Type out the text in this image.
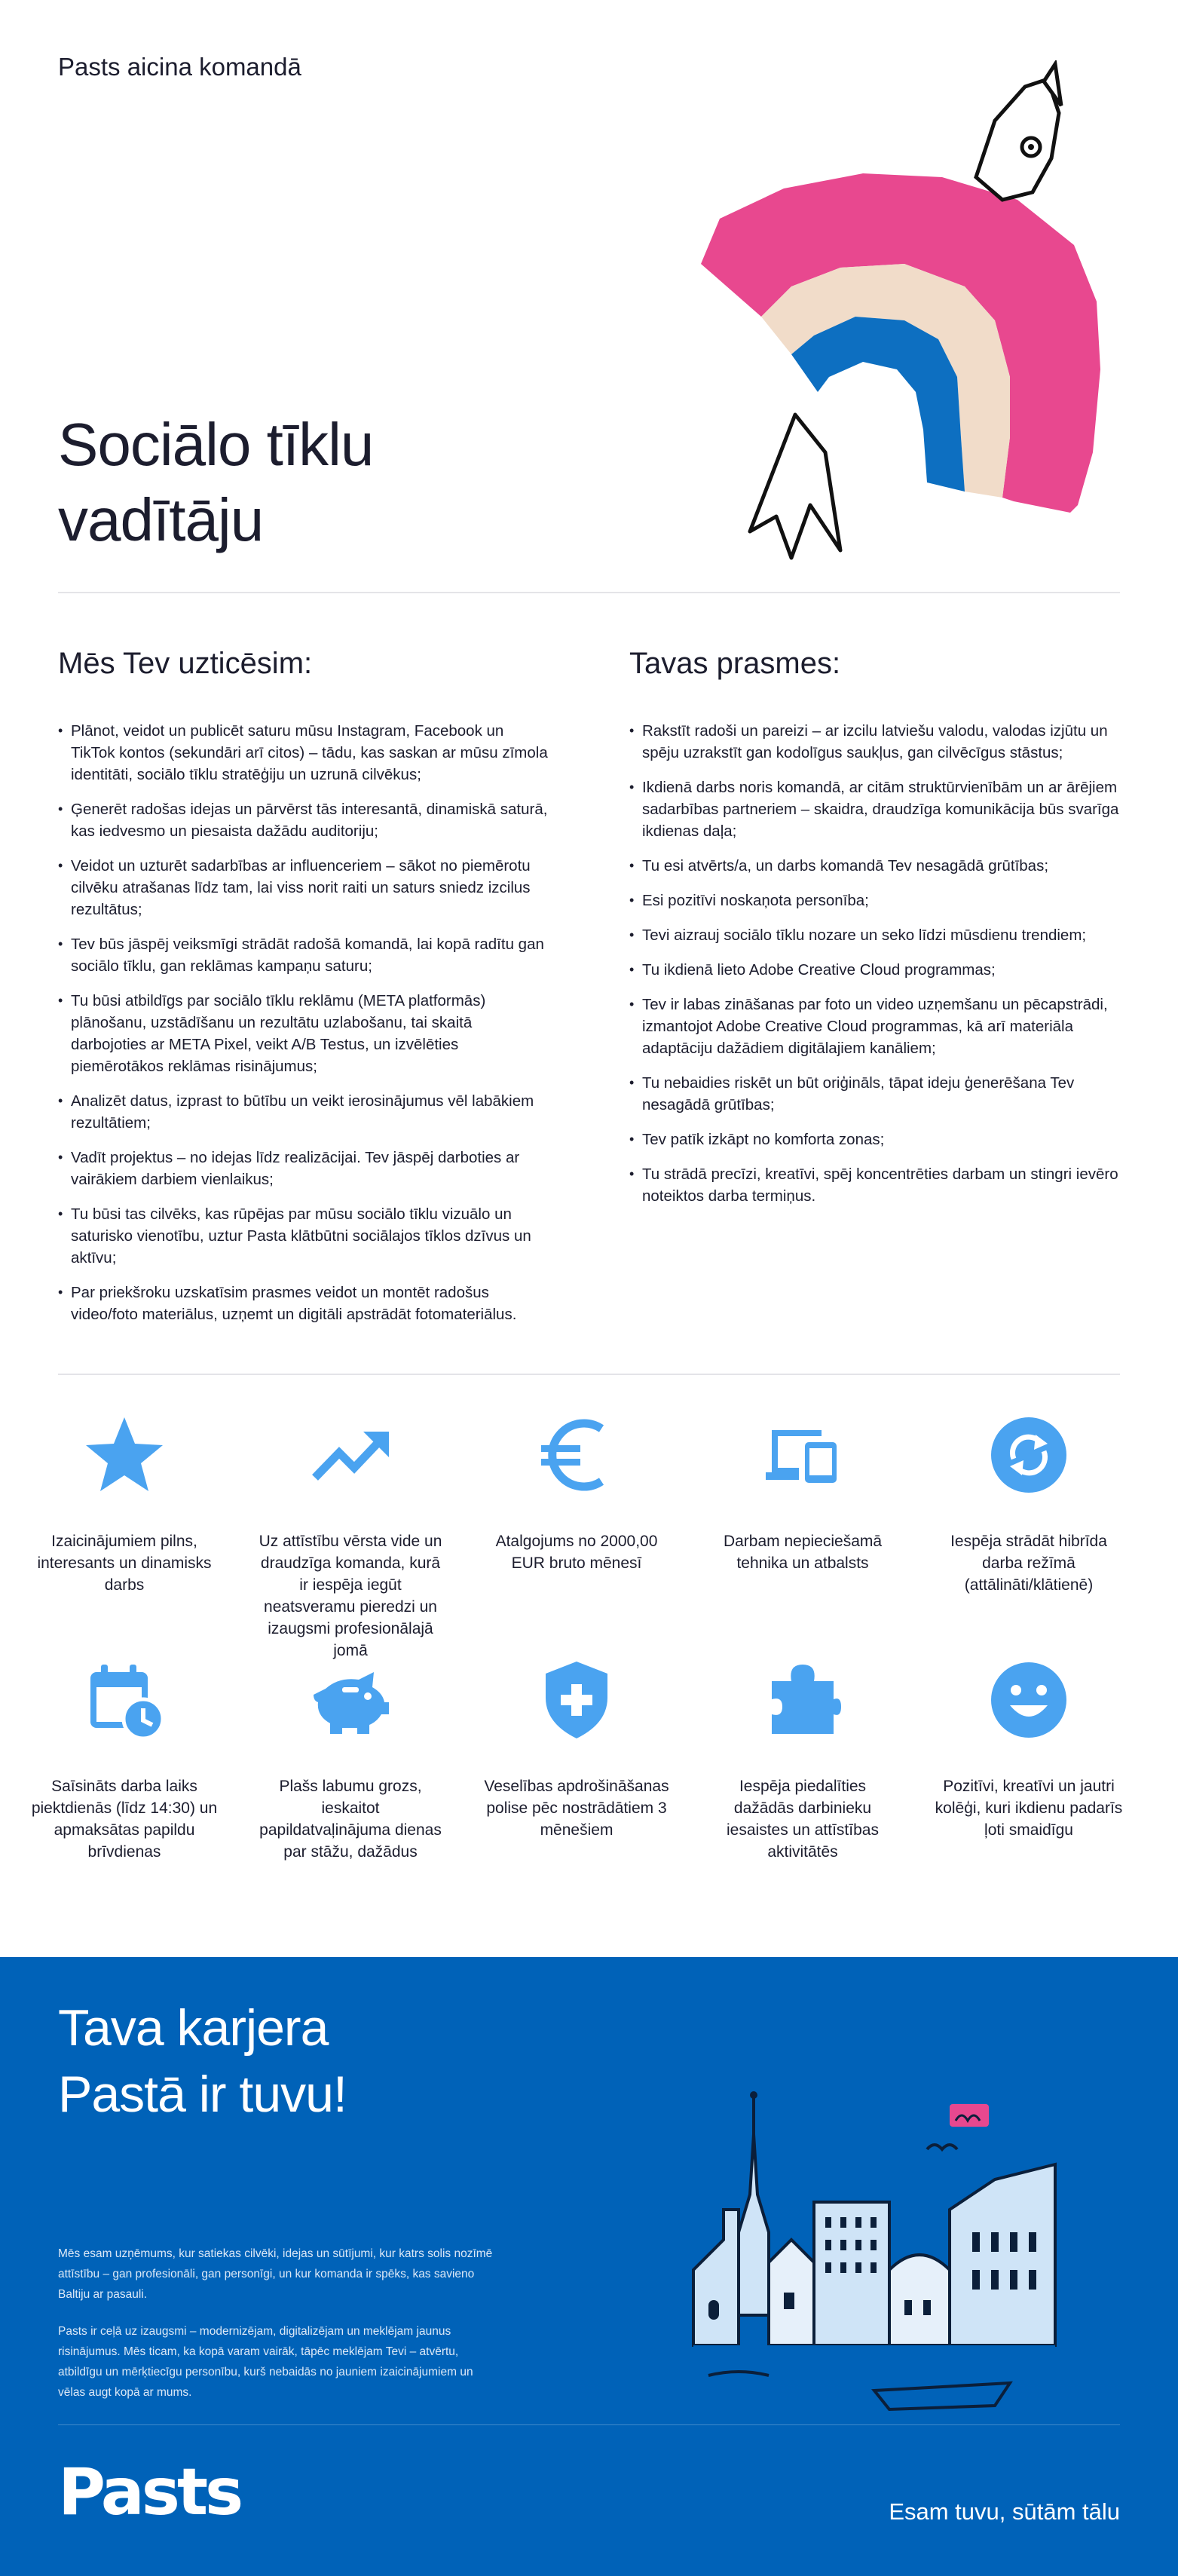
Pasts aicina komandā
Sociālo tīklu
vadītāju
Mēs Tev uzticēsim:
• Plānot, veidot un publicēt saturu mūsu Instagram, Facebook un TikTok kontos (sekundāri arī citos) – tādu, kas saskan ar mūsu zīmola identitāti, sociālo tīklu stratēģiju un uzrunā cilvēkus;
• Ģenerēt radošas idejas un pārvērst tās interesantā, dinamiskā saturā, kas iedvesmo un piesaista dažādu auditoriju;
• Veidot un uzturēt sadarbības ar influenceriem – sākot no piemērotu cilvēku atrašanas līdz tam, lai viss norit raiti un saturs sniedz izcilus rezultātus;
• Tev būs jāspēj veiksmīgi strādāt radošā komandā, lai kopā radītu gan sociālo tīklu, gan reklāmas kampaņu saturu;
• Tu būsi atbildīgs par sociālo tīklu reklāmu (META platformās) plānošanu, uzstādīšanu un rezultātu uzlabošanu, tai skaitā darbojoties ar META Pixel, veikt A/B Testus, un izvēlēties piemērotākos reklāmas risinājumus;
• Analizēt datus, izprast to būtību un veikt ierosinājumus vēl labākiem rezultātiem;
• Vadīt projektus – no idejas līdz realizācijai. Tev jāspēj darboties ar vairākiem darbiem vienlaikus;
• Tu būsi tas cilvēks, kas rūpējas par mūsu sociālo tīklu vizuālo un saturisko vienotību, uztur Pasta klātbūtni sociālajos tīklos dzīvus un aktīvu;
• Par priekšroku uzskatīsim prasmes veidot un montēt radošus video/foto materiālus, uzņemt un digitāli apstrādāt fotomateriālus.
Tavas prasmes:
• Rakstīt radoši un pareizi – ar izcilu latviešu valodu, valodas izjūtu un spēju uzrakstīt gan kodolīgus saukļus, gan cilvēcīgus stāstus;
• Ikdienā darbs noris komandā, ar citām struktūrvienībām un ar ārējiem sadarbības partneriem – skaidra, draudzīga komunikācija būs svarīga ikdienas daļa;
• Tu esi atvērts/a, un darbs komandā Tev nesagādā grūtības;
• Esi pozitīvi noskaņota personība;
• Tevi aizrauj sociālo tīklu nozare un seko līdzi mūsdienu trendiem;
• Tu ikdienā lieto Adobe Creative Cloud programmas;
• Tev ir labas zināšanas par foto un video uzņemšanu un pēcapstrādi, izmantojot Adobe Creative Cloud programmas, kā arī materiāla adaptāciju dažādiem digitālajiem kanāliem;
• Tu nebaidies riskēt un būt oriģināls, tāpat ideju ģenerēšana Tev nesagādā grūtības;
• Tev patīk izkāpt no komforta zonas;
• Tu strādā precīzi, kreatīvi, spēj koncentrēties darbam un stingri ievēro noteiktos darba termiņus.
Izaicinājumiem pilns, interesants un dinamisks darbs
Uz attīstību vērsta vide un draudzīga komanda, kurā ir iespēja iegūt neatsveramu pieredzi un izaugsmi profesionālajā jomā
Atalgojums no 2000,00 EUR bruto mēnesī
Darbam nepieciešamā tehnika un atbalsts
Iespēja strādāt hibrīda darba režīmā (attālināti/klātienē)
Saīsināts darba laiks piektdienās (līdz 14:30) un apmaksātas papildu brīvdienas
Plašs labumu grozs, ieskaitot papildatvaļinājuma dienas par stāžu, dažādus
Veselības apdrošināšanas polise pēc nostrādātiem 3 mēnešiem
Iespēja piedalīties dažādās darbinieku iesaistes un attīstības aktivitātēs
Pozitīvi, kreatīvi un jautri kolēģi, kuri ikdienu padarīs ļoti smaidīgu
Tava karjera
Pastā ir tuvu!

Mēs esam uzņēmums, kur satiekas cilvēki, idejas un sūtījumi, kur katrs solis nozīmē attīstību – gan profesionāli, gan personīgi, un kur komanda ir spēks, kas savieno Baltiju ar pasauli.

Pasts ir ceļā uz izaugsmi – modernizējam, digitalizējam un meklējam jaunus risinājumus. Mēs ticam, ka kopā varam vairāk, tāpēc meklējam Tevi – atvērtu, atbildīgu un mērķtiecīgu personību, kurš nebaidās no jauniem izaicinājumiem un vēlas augt kopā ar mums.

Pasts	Esam tuvu, sūtām tālu
